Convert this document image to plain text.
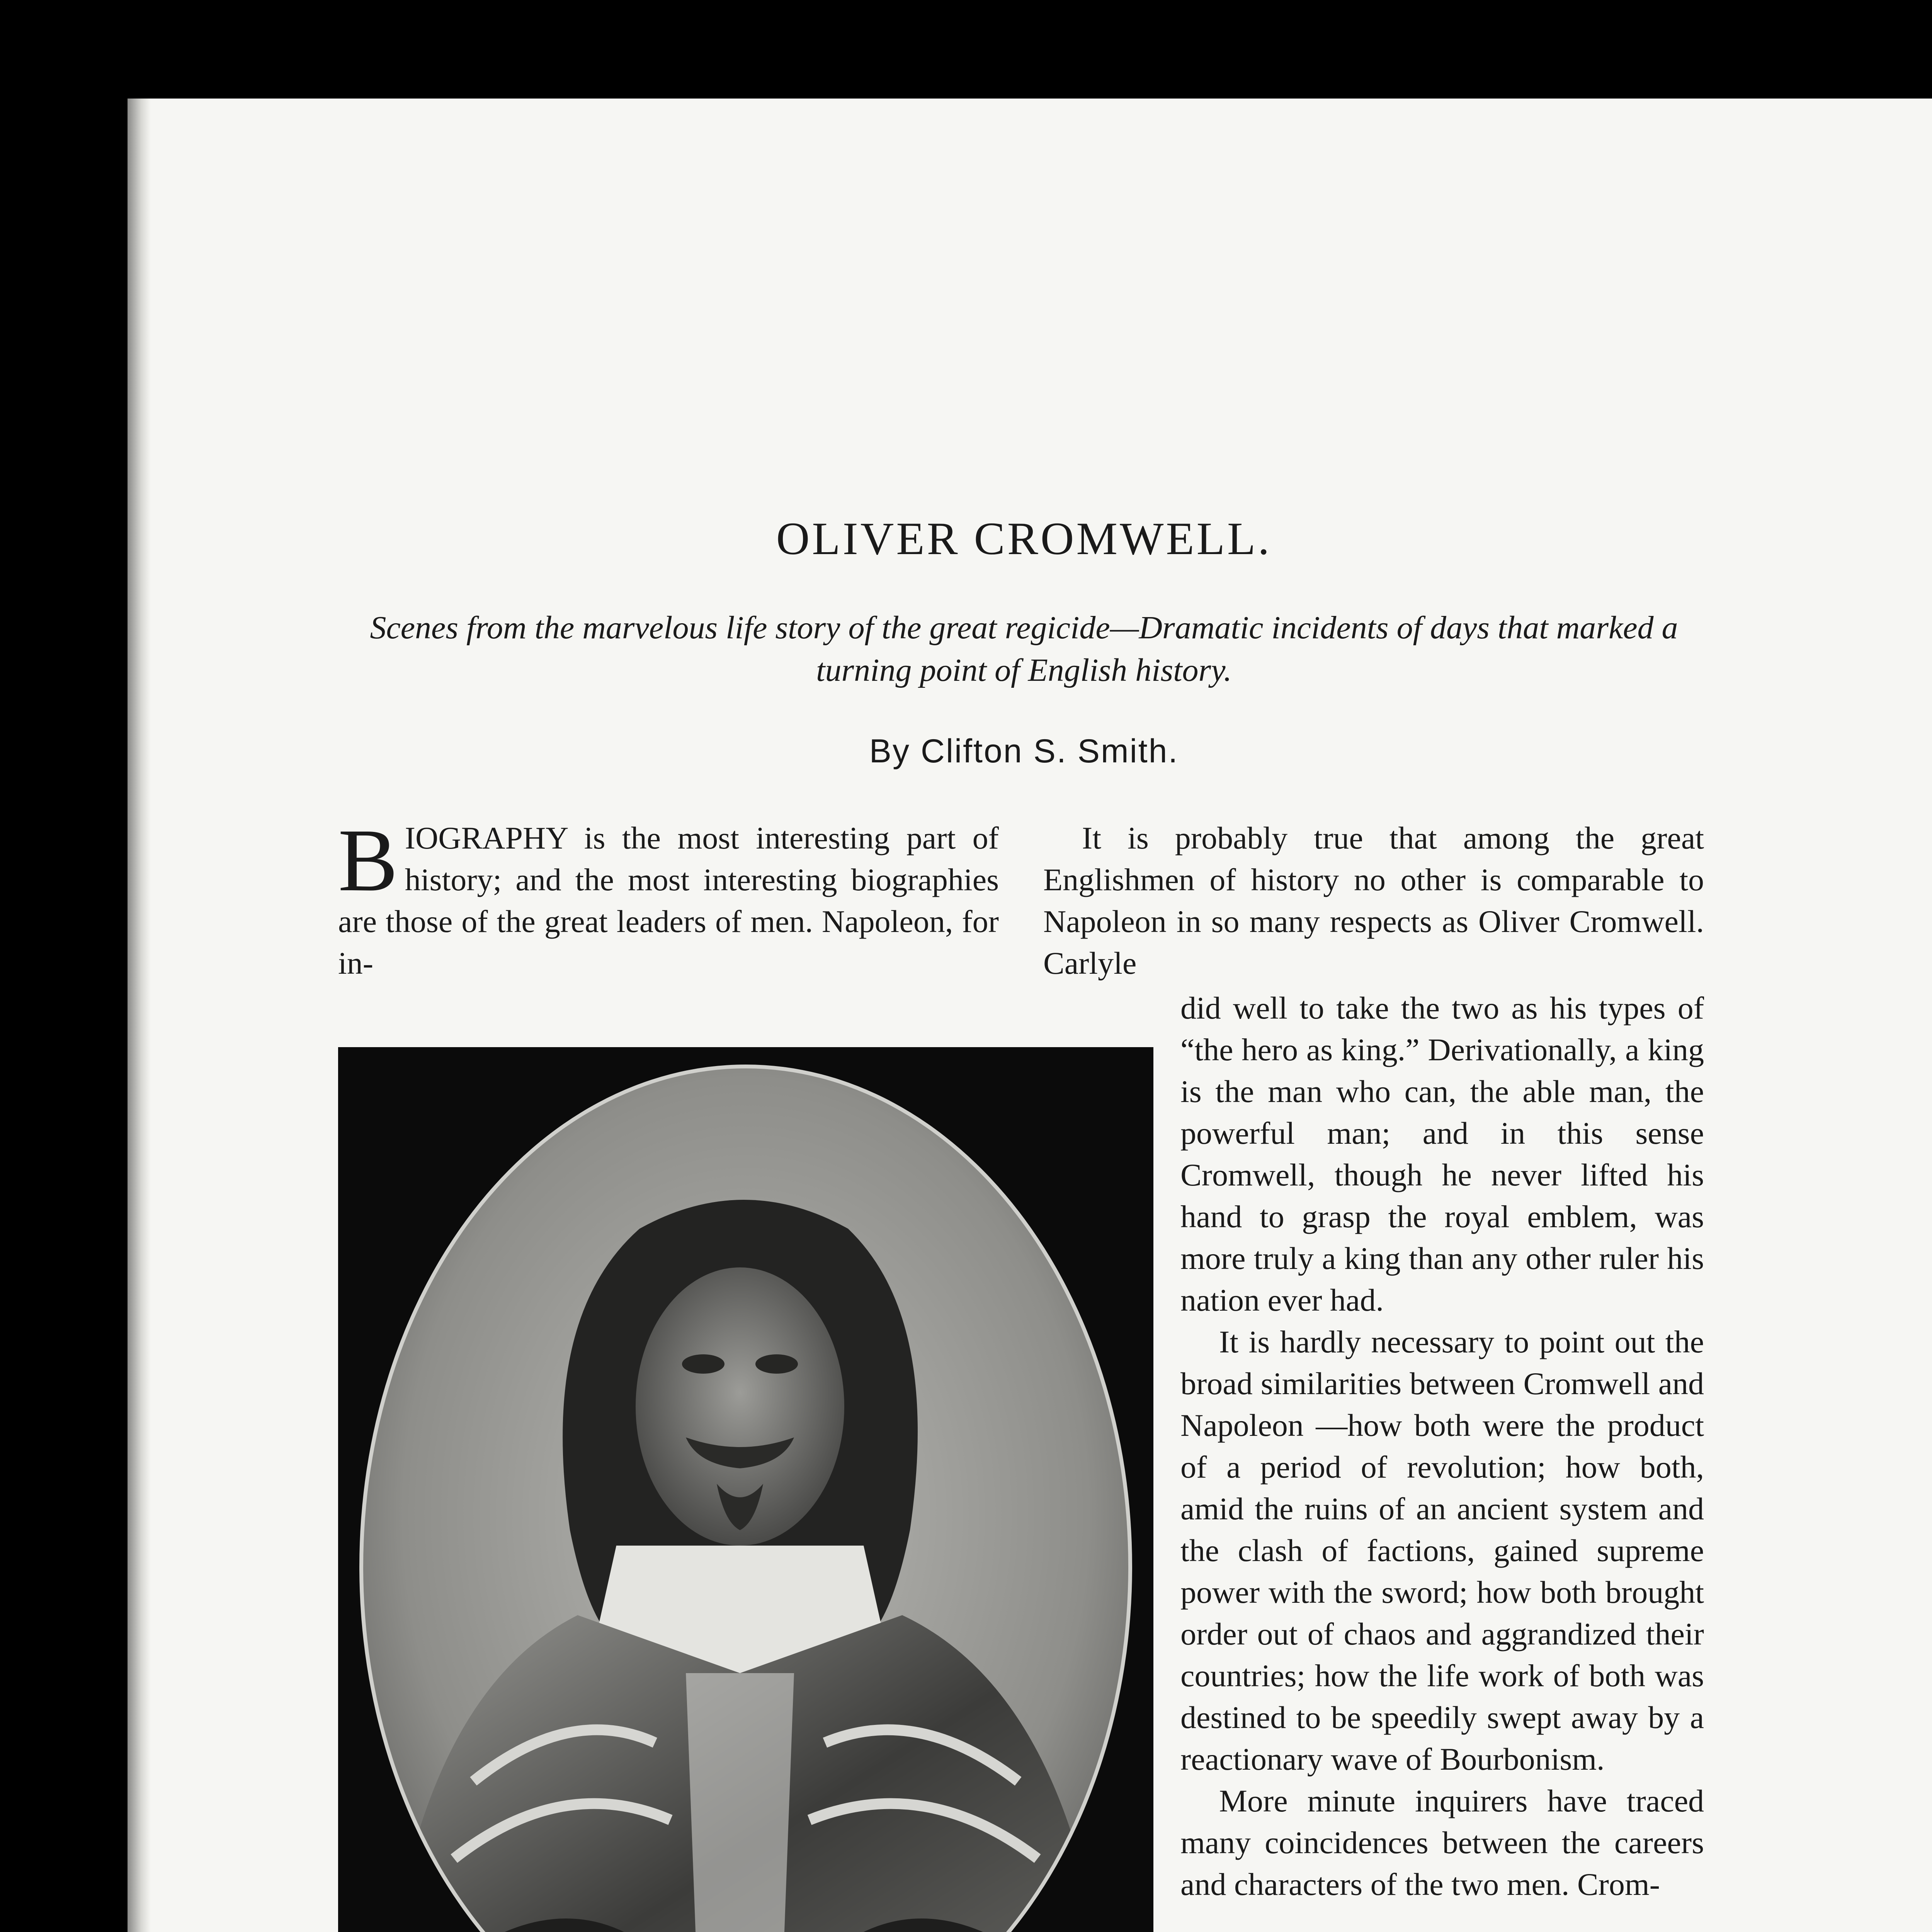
OLIVER CROMWELL.

Scenes from the marvelous life story of the great regicide—Dramatic incidents of days that marked a turning point of English history.

By Clifton S. Smith.

BIOGRAPHY is the most interesting part of history; and the most interesting biographies are those of the great leaders of men. Napoleon, for in-

It is probably true that among the great Englishmen of history no other is comparable to Napoleon in so many respects as Oliver Cromwell. Carlyle

did well to take the two as his types of “the hero as king.” Derivationally, a king is the man who can, the able man, the powerful man; and in this sense Cromwell, though he never lifted his hand to grasp the royal emblem, was more truly a king than any other ruler his nation ever had.

It is hardly necessary to point out the broad similarities between Cromwell and Napoleon —how both were the product of a period of revolution; how both, amid the ruins of an ancient system and the clash of factions, gained supreme power with the sword; how both brought order out of chaos and aggrandized their countries; how the life work of both was destined to be speedily swept away by a reactionary wave of Bourbonism.

More minute inquirers have traced many coincidences between the careers and characters of the two men. Crom-
